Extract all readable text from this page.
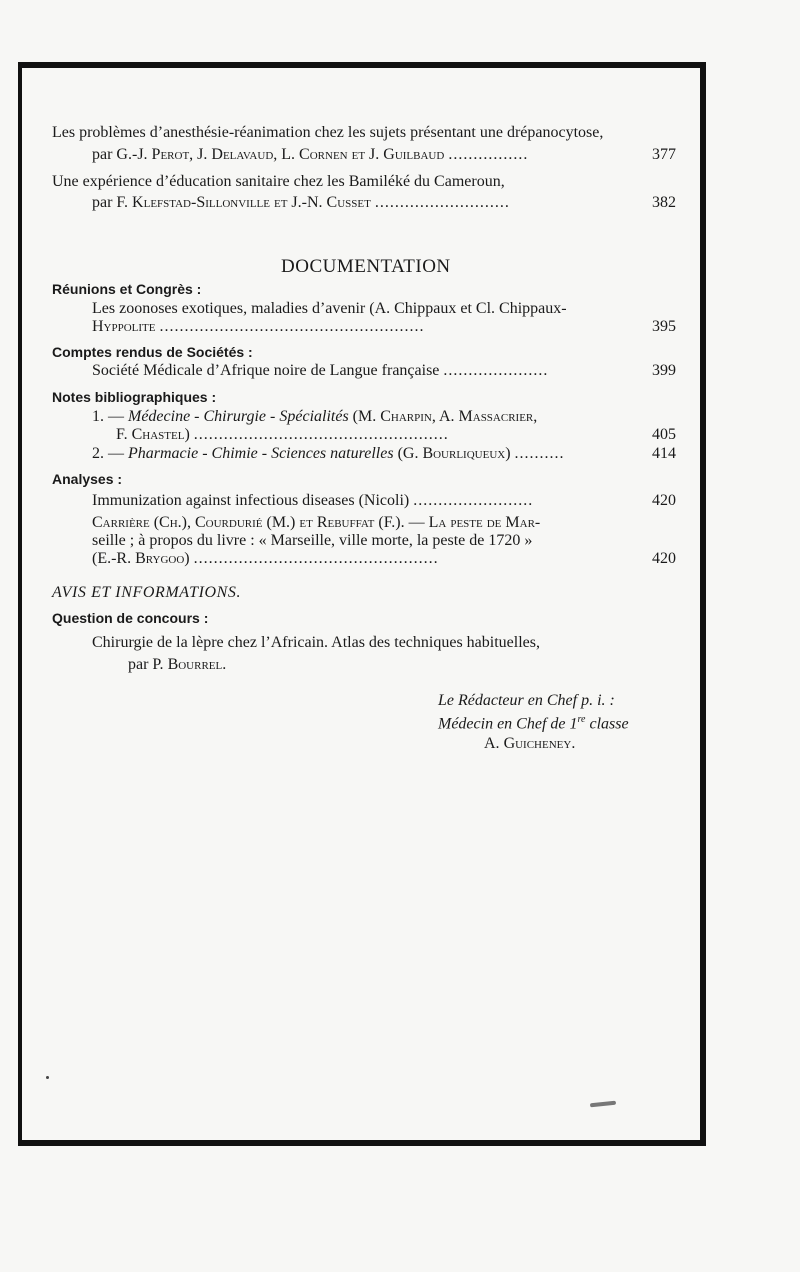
Les problèmes d’anesthésie-réanimation chez les sujets présentant une drépanocytose,
par G.-J. Perot, J. Delavaud, L. Cornen et J. Guilbaud ................	377
Une expérience d’éducation sanitaire chez les Bamiléké du Cameroun,
par F. Klefstad-Sillonville et J.-N. Cusset ...........................	382
DOCUMENTATION
Réunions et Congrès :
Les zoonoses exotiques, maladies d’avenir (A. Chippaux et Cl. Chippaux-
Hyppolite .....................................................	395
Comptes rendus de Sociétés :
Société Médicale d’Afrique noire de Langue française .....................	399
Notes bibliographiques :
1. — Médecine - Chirurgie - Spécialités (M. Charpin, A. Massacrier,
F. Chastel) ...................................................	405
2. — Pharmacie - Chimie - Sciences naturelles (G. Bourliqueux) ..........	414
Analyses :
Immunization against infectious diseases (Nicoli) ........................	420
Carrière (Ch.), Courdurié (M.) et Rebuffat (F.). — La peste de Mar-
seille ; à propos du livre : « Marseille, ville morte, la peste de 1720 »
(E.-R. Brygoo) .................................................	420
AVIS ET INFORMATIONS.
Question de concours :
Chirurgie de la lèpre chez l’Africain. Atlas des techniques habituelles,
par P. Bourrel.
Le Rédacteur en Chef p. i. :
Médecin en Chef de 1re classe
A. Guicheney.
